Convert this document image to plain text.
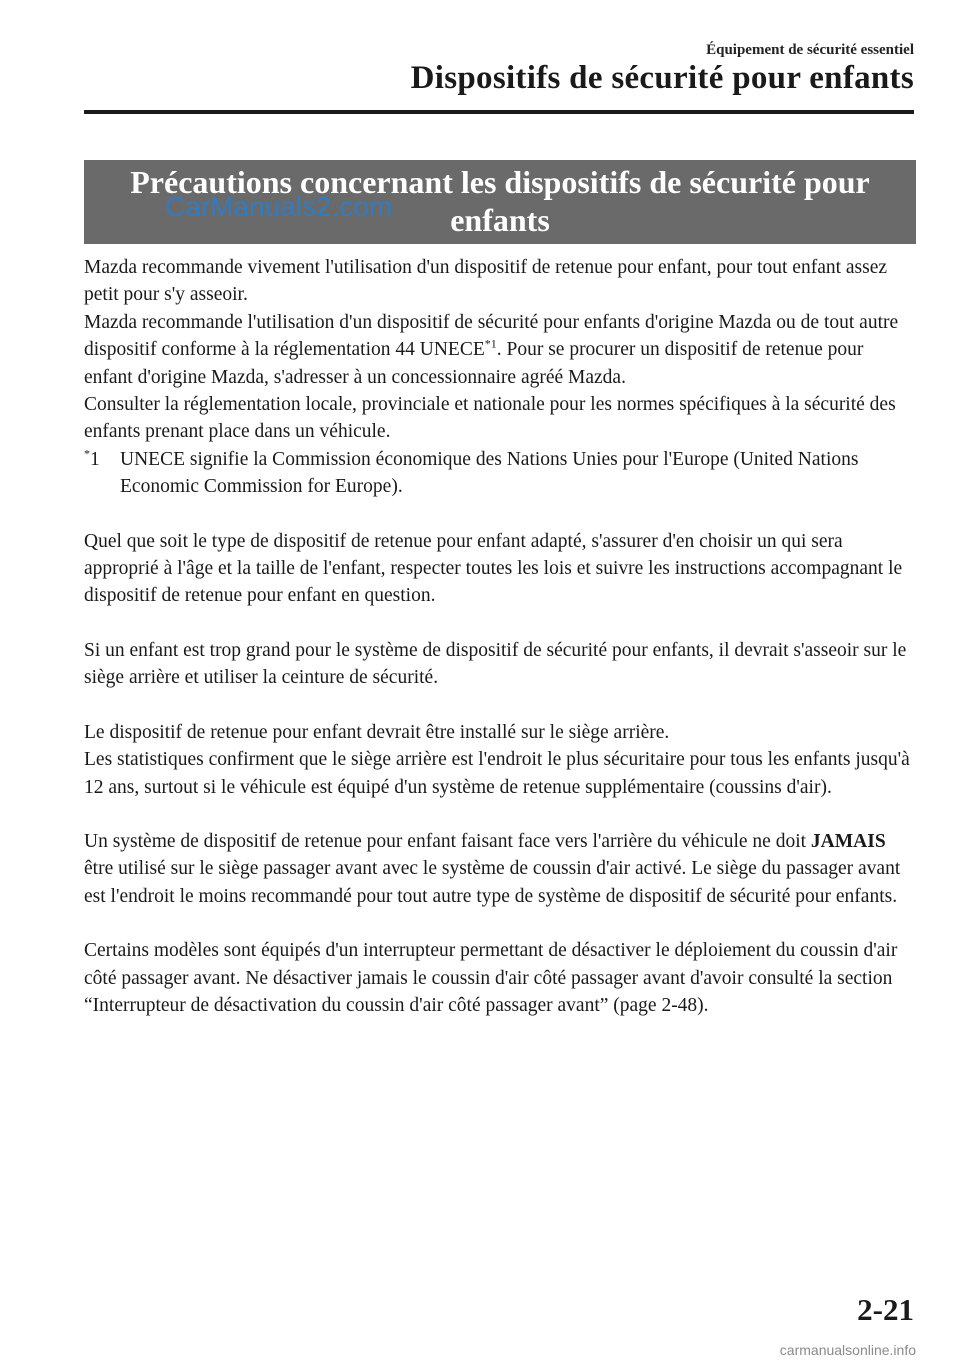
Équipement de sécurité essentiel
Dispositifs de sécurité pour enfants
Précautions concernant les dispositifs de sécurité pour
enfants
CarManuals2.com

Mazda recommande vivement l'utilisation d'un dispositif de retenue pour enfant, pour tout enfant assez petit pour s'y asseoir.

Mazda recommande l'utilisation d'un dispositif de sécurité pour enfants d'origine Mazda ou de tout autre dispositif conforme à la réglementation 44 UNECE$^{*1}$. Pour se procurer un dispositif de retenue pour enfant d'origine Mazda, s'adresser à un concessionnaire agréé Mazda.

Consulter la réglementation locale, provinciale et nationale pour les normes spécifiques à la sécurité des enfants prenant place dans un véhicule.

*1 UNECE signifie la Commission économique des Nations Unies pour l'Europe (United Nations Economic Commission for Europe).

Quel que soit le type de dispositif de retenue pour enfant adapté, s'assurer d'en choisir un qui sera approprié à l'âge et la taille de l'enfant, respecter toutes les lois et suivre les instructions accompagnant le dispositif de retenue pour enfant en question.

Si un enfant est trop grand pour le système de dispositif de sécurité pour enfants, il devrait s'asseoir sur le siège arrière et utiliser la ceinture de sécurité.

Le dispositif de retenue pour enfant devrait être installé sur le siège arrière.

Les statistiques confirment que le siège arrière est l'endroit le plus sécuritaire pour tous les enfants jusqu'à 12 ans, surtout si le véhicule est équipé d'un système de retenue supplémentaire (coussins d'air).

Un système de dispositif de retenue pour enfant faisant face vers l'arrière du véhicule ne doit JAMAIS être utilisé sur le siège passager avant avec le système de coussin d'air activé. Le siège du passager avant est l'endroit le moins recommandé pour tout autre type de système de dispositif de sécurité pour enfants.

Certains modèles sont équipés d'un interrupteur permettant de désactiver le déploiement du coussin d'air côté passager avant. Ne désactiver jamais le coussin d'air côté passager avant d'avoir consulté la section “Interrupteur de désactivation du coussin d'air côté passager avant” (page 2-48).

2-21
carmanualsonline.info
